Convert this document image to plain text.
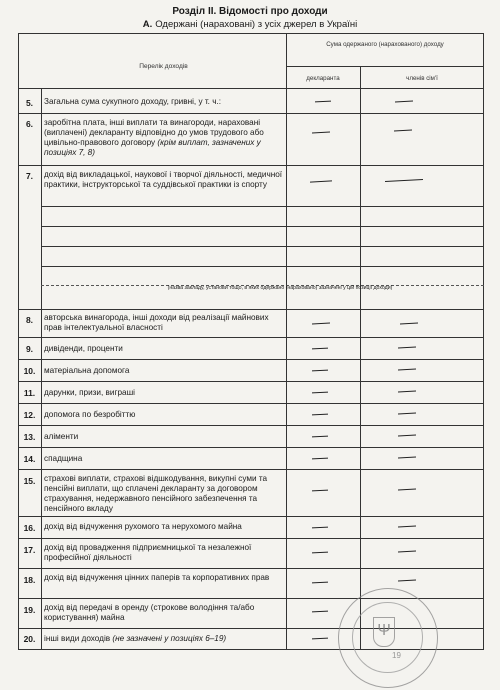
Розділ II. Відомості про доходи
А. Одержані (нараховані) з усіх джерел в Україні
Перелік доходів
Сума одержаного (нарахованого) доходу
декларанта	членів сім'ї
(назва закладу, установи тощо, в яких одержано (нараховано) зазначені у цій позиції доходи)
5.	Загальна сума сукупного доходу, гривні, у т. ч.:
6.	заробітна плата, інші виплати та винагороди, нараховані (виплачені) декларанту відповідно до умов трудового або цивільно-правового договору (крім виплат, зазначених у позиціях 7, 8)
7.	дохід від викладацької, наукової і творчої діяльності, медичної практики, інструкторської та суддівської практики із спорту
8.	авторська винагорода, інші доходи від реалізації майнових прав інтелектуальної власності
9.	дивіденди, проценти
10.	матеріальна допомога
11.	дарунки, призи, виграші
12.	допомога по безробіттю
13.	аліменти
14.	спадщина
15.	страхові виплати, страхові відшкодування, викупні суми та пенсійні виплати, що сплачені декларанту за договором страхування, недержавного пенсійного забезпечення та пенсійного вкладу
16.	дохід від відчуження рухомого та нерухомого майна
17.	дохід від провадження підприємницької та незалежної професійної діяльності
18.	дохід від відчуження цінних паперів та корпоративних прав
19.	дохід від передачі в оренду (строкове володіння та/або користування) майна
20.	інші види доходів (не зазначені у позиціях 6–19)	Ψ
19
